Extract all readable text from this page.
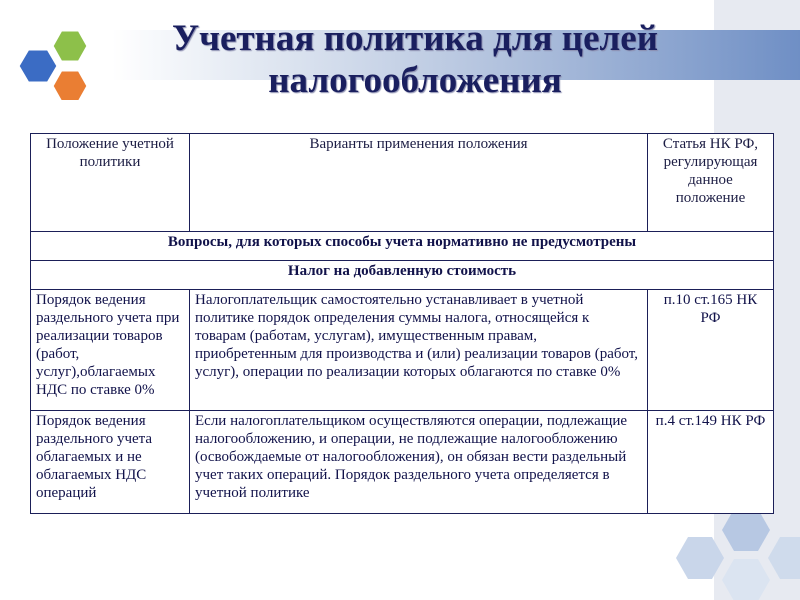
Учетная политика для целей
налогообложения
Положение учетной политики	Варианты применения положения	Статья НК РФ, регулирующая данное положение
Вопросы, для которых способы учета нормативно не предусмотрены		
Налог на добавленную стоимость		
Порядок ведения раздельного учета при реализации товаров (работ, услуг),облагаемых НДС по ставке 0%	Налогоплательщик самостоятельно устанавливает в учетной политике порядок определения суммы налога, относящейся к товарам (работам, услугам), имущественным правам, приобретенным для производства и (или) реализации товаров (работ, услуг), операции по реализации которых облагаются по ставке 0%	п.10 ст.165 НК РФ
Порядок ведения раздельного учета облагаемых и не облагаемых НДС операций	Если налогоплательщиком осуществляются операции, подлежащие налогообложению, и операции, не подлежащие налогообложению (освобождаемые от налогообложения), он обязан вести раздельный учет таких операций. Порядок раздельного учета определяется в учетной политике	п.4 ст.149 НК РФ
